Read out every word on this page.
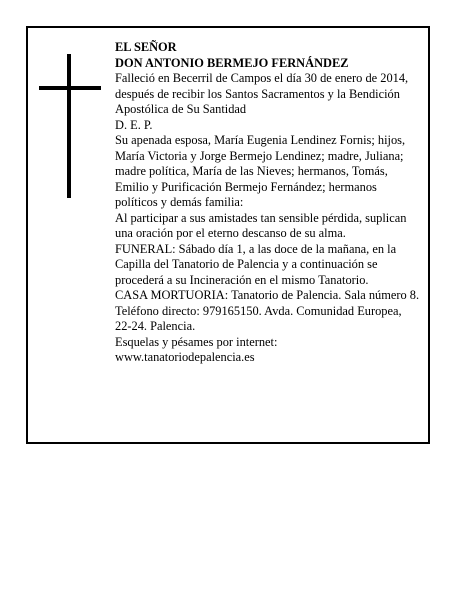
EL SEÑOR

DON ANTONIO BERMEJO FERNÁNDEZ

Falleció en Becerril de Campos el día 30 de enero de 2014, después de recibir los Santos Sacramentos y la Bendición Apostólica de Su Santidad

D. E. P.

Su apenada esposa, María Eugenia Lendinez Fornis; hijos, María Victoria y Jorge Bermejo Lendinez; madre, Juliana; madre política, María de las Nieves; hermanos, Tomás, Emilio y Purificación Bermejo Fernández; hermanos políticos y demás familia:

Al participar a sus amistades tan sensible pérdida, suplican una oración por el eterno descanso de su alma.

FUNERAL: Sábado día 1, a las doce de la mañana, en la Capilla del Tanatorio de Palencia y a continuación se procederá a su Incineración en el mismo Tanatorio.

CASA MORTUORIA: Tanatorio de Palencia. Sala número 8. Teléfono directo: 979165150. Avda. Comunidad Europea, 22-24. Palencia.

Esquelas y pésames por internet:

www.tanatoriodepalencia.es
